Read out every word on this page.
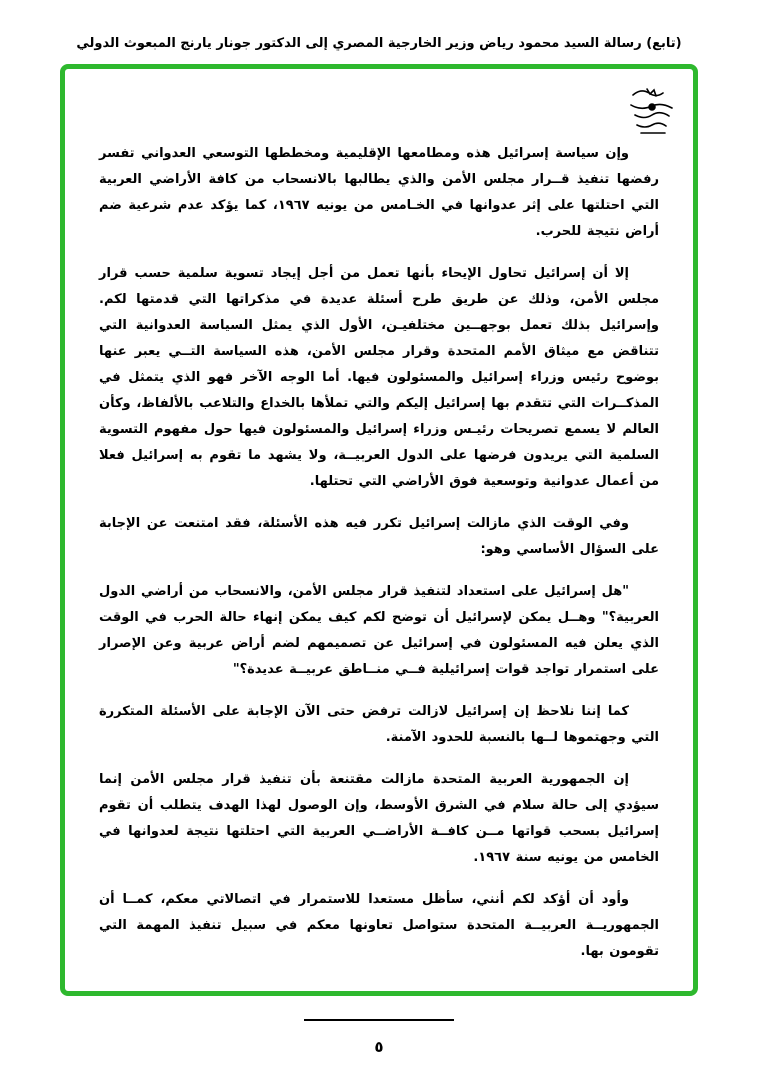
(تابع) رسالة السيد محمود رياض وزير الخارجية المصري إلى الدكتور جونار يارنج المبعوث الدولي

وإن سياسة إسرائيل هذه ومطامعها الإقليمية ومخططها التوسعي العدواني تفسر رفضها تنفيذ قــرار مجلس الأمن والذي يطالبها بالانسحاب من كافة الأراضي العربية التي احتلتها على إثر عدوانها في الخـامس من يونيه ١٩٦٧، كما يؤكد عدم شرعية ضم أراض نتيجة للحرب.

إلا أن إسرائيل تحاول الإيحاء بأنها تعمل من أجل إيجاد تسوية سلمية حسب قرار مجلس الأمن، وذلك عن طريق طرح أسئلة عديدة في مذكراتها التي قدمتها لكم. وإسرائيل بذلك تعمل بوجهــين مختلفيـن، الأول الذي يمثل السياسة العدوانية التي تتناقض مع ميثاق الأمم المتحدة وقرار مجلس الأمن، هذه السياسة التــي يعبر عنها بوضوح رئيس وزراء إسرائيل والمسئولون فيها. أما الوجه الآخر فهو الذي يتمثل في المذكــرات التي تتقدم بها إسرائيل إليكم والتي تملأها بالخداع والتلاعب بالألفاظ، وكأن العالم لا يسمع تصريحات رئيـس وزراء إسرائيل والمسئولون فيها حول مفهوم التسوية السلمية التي يريدون فرضها على الدول العربيــة، ولا يشهد ما تقوم به إسرائيل فعلا من أعمال عدوانية وتوسعية فوق الأراضي التي تحتلها.

وفي الوقت الذي مازالت إسرائيل تكرر فيه هذه الأسئلة، فقد امتنعت عن الإجابة على السؤال الأساسي وهو:

"هل إسرائيل على استعداد لتنفيذ قرار مجلس الأمن، والانسحاب من أراضي الدول العربية؟" وهــل يمكن لإسرائيل أن توضح لكم كيف يمكن إنهاء حالة الحرب في الوقت الذي يعلن فيه المسئولون في إسرائيل عن تصميمهم لضم أراض عربية وعن الإصرار على استمرار تواجد قوات إسرائيلية فــي منــاطق عربيــة عديدة؟"

كما إننا نلاحظ إن إسرائيل لازالت ترفض حتى الآن الإجابة على الأسئلة المتكررة التي وجهتموها لــها بالنسبة للحدود الآمنة.

إن الجمهورية العربية المتحدة مازالت مقتنعة بأن تنفيذ قرار مجلس الأمن إنما سيؤدي إلى حالة سلام في الشرق الأوسط، وإن الوصول لهذا الهدف يتطلب أن تقوم إسرائيل بسحب قواتها مــن كافــة الأراضــي العربية التي احتلتها نتيجة لعدوانها في الخامس من يونيه سنة ١٩٦٧.

وأود أن أؤكد لكم أنني، سأظل مستعدا للاستمرار في اتصالاتي معكم، كمــا أن الجمهوريــة العربيــة المتحدة ستواصل تعاونها معكم في سبيل تنفيذ المهمة التي تقومون بها.

٥
